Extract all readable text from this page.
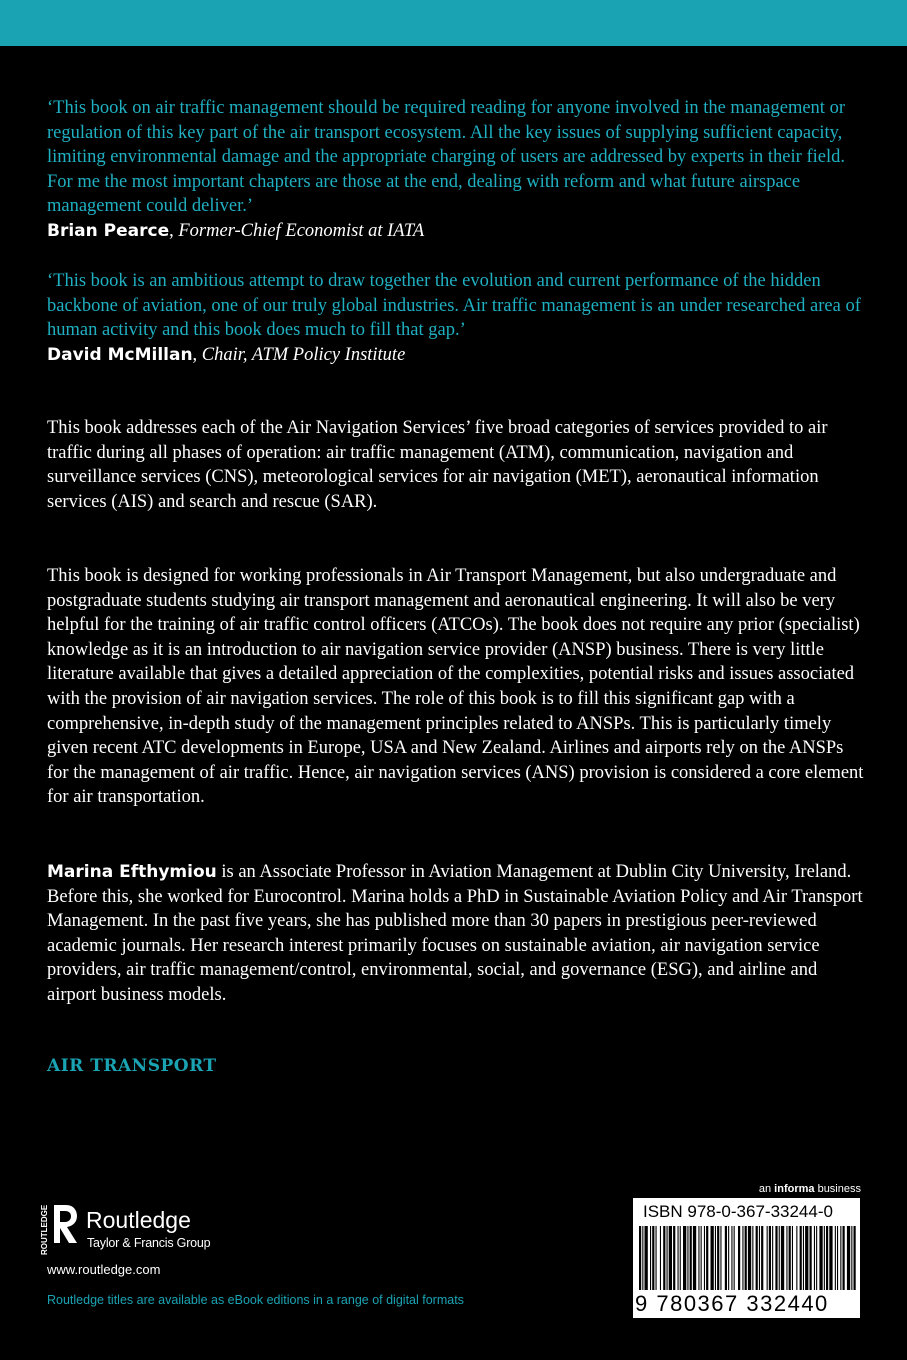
‘This book on air traffic management should be required reading for anyone involved in the management or regulation of this key part of the air transport ecosystem. All the key issues of supplying sufficient capacity, limiting environmental damage and the appropriate charging of users are addressed by experts in their field. For me the most important chapters are those at the end, dealing with reform and what future airspace management could deliver.’

Brian Pearce, Former-Chief Economist at IATA

‘This book is an ambitious attempt to draw together the evolution and current performance of the hidden backbone of aviation, one of our truly global industries. Air traffic management is an under researched area of human activity and this book does much to fill that gap.’

David McMillan, Chair, ATM Policy Institute

This book addresses each of the Air Navigation Services’ five broad categories of services provided to air traffic during all phases of operation: air traffic management (ATM), communication, navigation and surveillance services (CNS), meteorological services for air navigation (MET), aeronautical information services (AIS) and search and rescue (SAR).

This book is designed for working professionals in Air Transport Management, but also undergraduate and postgraduate students studying air transport management and aeronautical engineering. It will also be very helpful for the training of air traffic control officers (ATCOs). The book does not require any prior (specialist) knowledge as it is an introduction to air navigation service provider (ANSP) business. There is very little literature available that gives a detailed appreciation of the complexities, potential risks and issues associated with the provision of air navigation services. The role of this book is to fill this significant gap with a comprehensive, in-depth study of the management principles related to ANSPs. This is particularly timely given recent ATC developments in Europe, USA and New Zealand. Airlines and airports rely on the ANSPs for the management of air traffic. Hence, air navigation services (ANS) provision is considered a core element for air transportation.

Marina Efthymiou is an Associate Professor in Aviation Management at Dublin City University, Ireland. Before this, she worked for Eurocontrol. Marina holds a PhD in Sustainable Aviation Policy and Air Transport Management. In the past five years, she has published more than 30 papers in prestigious peer-reviewed academic journals. Her research interest primarily focuses on sustainable aviation, air navigation service providers, air traffic management/control, environmental, social, and governance (ESG), and airline and airport business models.

AIR TRANSPORT
ROUTLEDGE Routledge
Taylor & Francis Group
www.routledge.com
Routledge titles are available as eBook editions in a range of digital formats
an informa business
ISBN 978-0-367-33244-0
9 780367 332440
